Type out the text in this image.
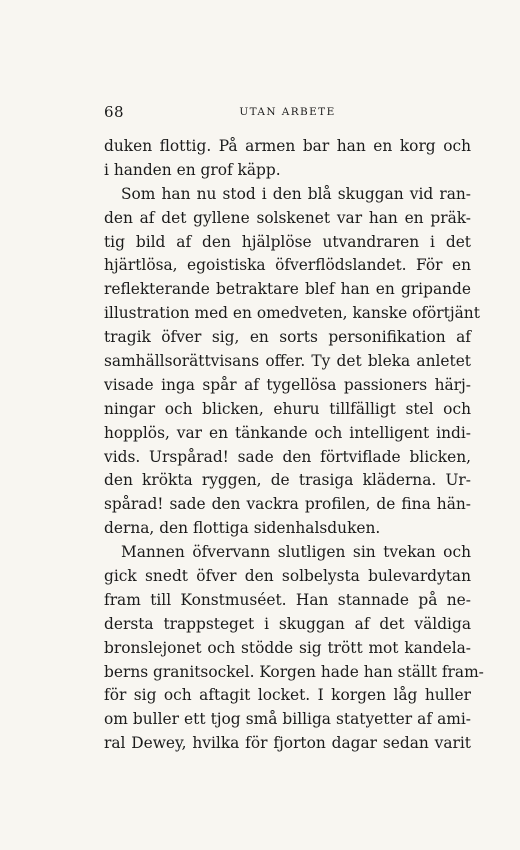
68	UTAN ARBETE
duken flottig. På armen bar han en korg och
i handen en grof käpp.
Som han nu stod i den blå skuggan vid ran-
den af det gyllene solskenet var han en präk-
tig bild af den hjälplöse utvandraren i det
hjärtlösa, egoistiska öfverflödslandet. För en
reflekterande betraktare blef han en gripande
illustration med en omedveten, kanske oförtjänt
tragik öfver sig, en sorts personifikation af
samhällsorättvisans offer. Ty det bleka anletet
visade inga spår af tygellösa passioners härj-
ningar och blicken, ehuru tillfälligt stel och
hopplös, var en tänkande och intelligent indi-
vids. Urspårad! sade den förtviflade blicken,
den krökta ryggen, de trasiga kläderna. Ur-
spårad! sade den vackra profilen, de fina hän-
derna, den flottiga sidenhalsduken.
Mannen öfvervann slutligen sin tvekan och
gick snedt öfver den solbelysta bulevardytan
fram till Konstmuséet. Han stannade på ne-
dersta trappsteget i skuggan af det väldiga
bronslejonet och stödde sig trött mot kandela-
berns granitsockel. Korgen hade han ställt fram-
för sig och aftagit locket. I korgen låg huller
om buller ett tjog små billiga statyetter af ami-
ral Dewey, hvilka för fjorton dagar sedan varit
